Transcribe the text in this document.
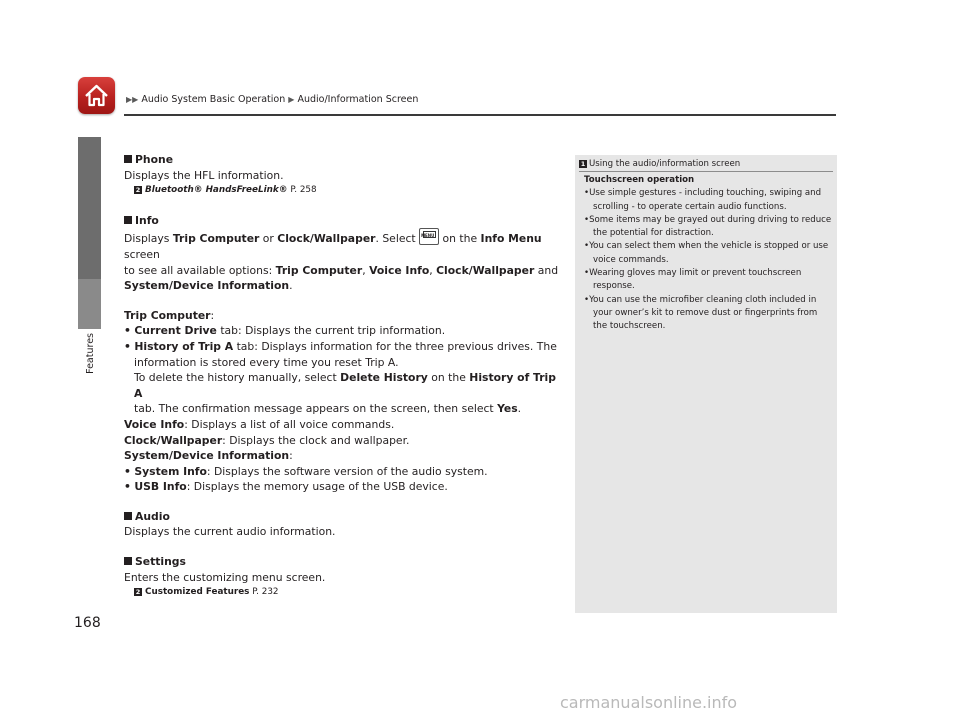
▶▶ Audio System Basic Operation ▶ Audio/Information Screen
Features
168

Phone

Displays the HFL information.

2 Bluetooth® HandsFreeLink® P. 258

Info

Displays Trip Computer or Clock/Wallpaper. Select MENU on the Info Menu screen

to see all available options: Trip Computer, Voice Info, Clock/Wallpaper and

System/Device Information.

Trip Computer:

• Current Drive tab: Displays the current trip information.

• History of Trip A tab: Displays information for the three previous drives. The

information is stored every time you reset Trip A.

To delete the history manually, select Delete History on the History of Trip A

tab. The confirmation message appears on the screen, then select Yes.

Voice Info: Displays a list of all voice commands.

Clock/Wallpaper: Displays the clock and wallpaper.

System/Device Information:

• System Info: Displays the software version of the audio system.

• USB Info: Displays the memory usage of the USB device.

Audio

Displays the current audio information.

Settings

Enters the customizing menu screen.

2 Customized Features P. 232

1 Using the audio/information screen

Touchscreen operation

•Use simple gestures - including touching, swiping and scrolling - to operate certain audio functions.

•Some items may be grayed out during driving to reduce the potential for distraction.

•You can select them when the vehicle is stopped or use voice commands.

•Wearing gloves may limit or prevent touchscreen response.

•You can use the microfiber cleaning cloth included in your owner’s kit to remove dust or fingerprints from the touchscreen.

carmanualsonline.info
